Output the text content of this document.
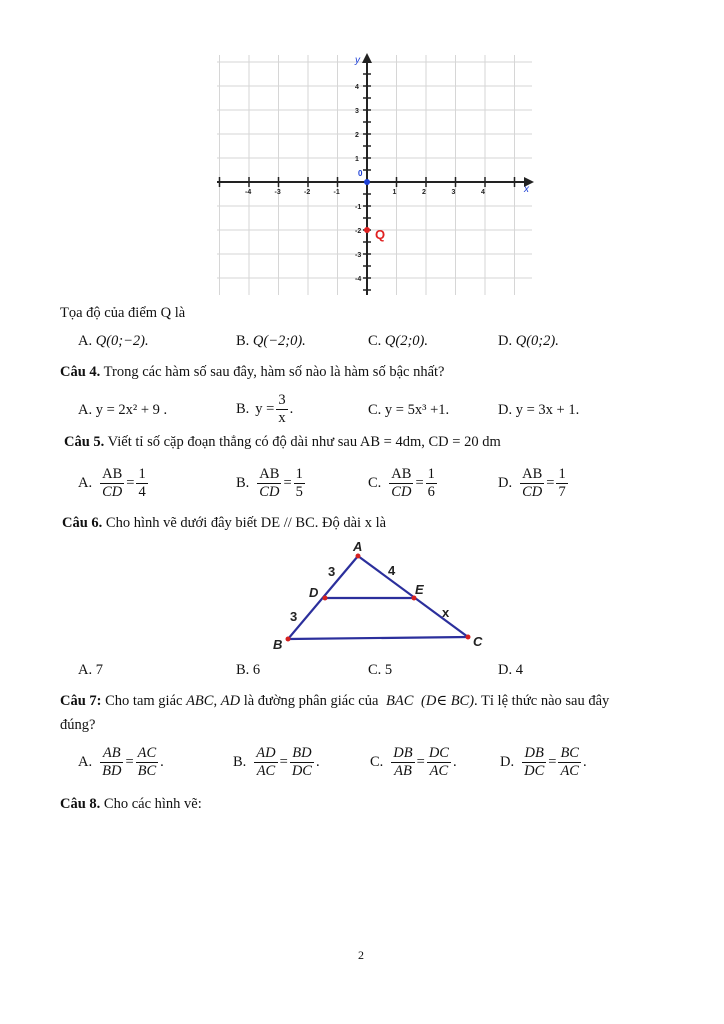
x
y
0
-4	-3	-2	-1	1	2	3	4
4
3
2
1
-1
-2
-3
-4
Q
Tọa độ của điểm Q là
A. Q(0;−2).	B. Q(−2;0).	C. Q(2;0).	D. Q(0;2).
Câu 4. Trong các hàm số sau đây, hàm số nào là hàm số bậc nhất?
A. y = 2x² + 9 .	B. $y = \frac{3}{x}$ .	C. y = 5x³ +1.	D. y = 3x + 1.
Câu 5. Viết tỉ số cặp đoạn thẳng có độ dài như sau AB = 4dm, CD = 20 dm
A. $\frac{AB}{CD} = \frac{1}{4}$	B. $\frac{AB}{CD} = \frac{1}{5}$	C. $\frac{AB}{CD} = \frac{1}{6}$	D. $\frac{AB}{CD} = \frac{1}{7}$
Câu 6. Cho hình vẽ dưới đây biết DE // BC. Độ dài x là
A
D	E
B	C
3	4
3	x
A. 7	B. 6	C. 5	D. 4
Câu 7: Cho tam giác ABC, AD là đường phân giác của BAC (D∈ BC). Tỉ lệ thức nào sau đây
đúng?
A. $\frac{AB}{BD} = \frac{AC}{BC}$ .	B. $\frac{AD}{AC} = \frac{BD}{DC}$ .	C. $\frac{DB}{AB} = \frac{DC}{AC}$ .	D. $\frac{DB}{DC} = \frac{BC}{AC}$ .
Câu 8. Cho các hình vẽ:
2
